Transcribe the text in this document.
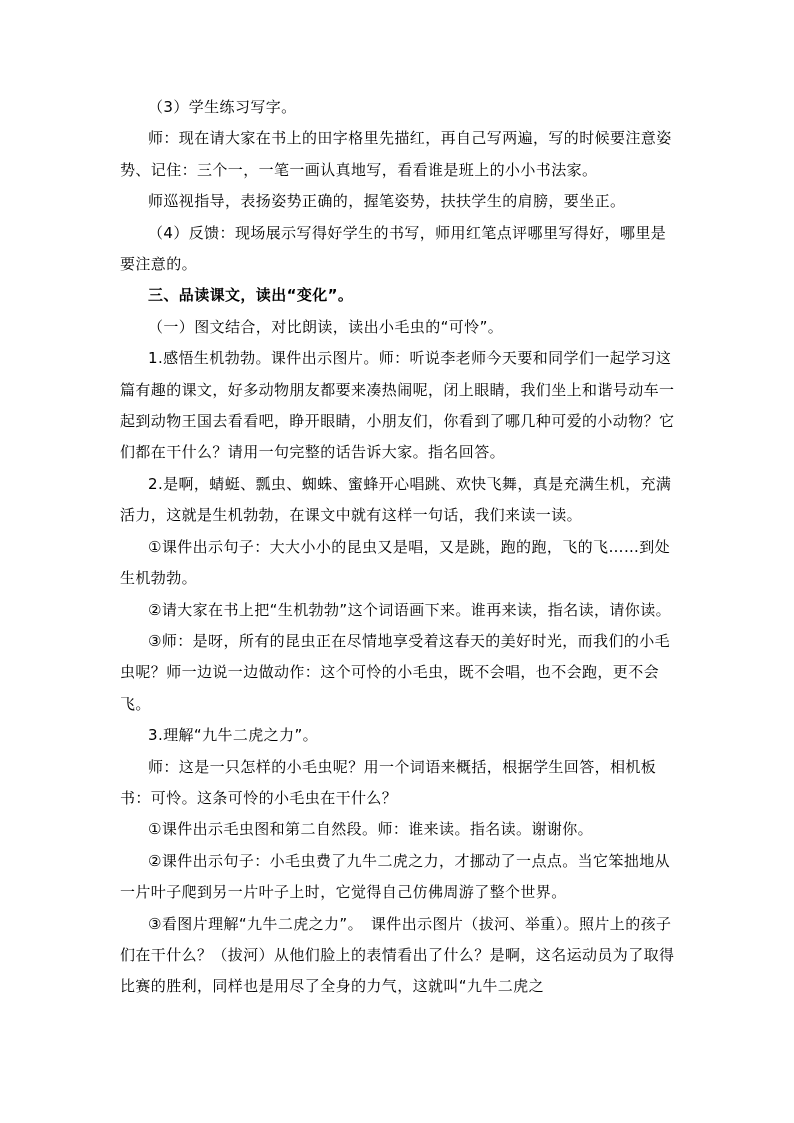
（3）学生练习写字。

师：现在请大家在书上的田字格里先描红，再自己写两遍，写的时候要注意姿势、记住：三个一，一笔一画认真地写，看看谁是班上的小小书法家。

师巡视指导，表扬姿势正确的，握笔姿势，扶扶学生的肩膀，要坐正。

（4）反馈：现场展示写得好学生的书写，师用红笔点评哪里写得好，哪里是要注意的。

三、品读课文，读出“变化”。

（一）图文结合，对比朗读，读出小毛虫的“可怜”。

1.感悟生机勃勃。课件出示图片。师：听说李老师今天要和同学们一起学习这篇有趣的课文，好多动物朋友都要来凑热闹呢，闭上眼睛，我们坐上和谐号动车一起到动物王国去看看吧，睁开眼睛，小朋友们，你看到了哪几种可爱的小动物？它们都在干什么？请用一句完整的话告诉大家。指名回答。

2.是啊，蜻蜓、瓢虫、蜘蛛、蜜蜂开心唱跳、欢快飞舞，真是充满生机，充满活力，这就是生机勃勃，在课文中就有这样一句话，我们来读一读。

①课件出示句子：大大小小的昆虫又是唱，又是跳，跑的跑，飞的飞……到处生机勃勃。

②请大家在书上把“生机勃勃”这个词语画下来。谁再来读，指名读，请你读。

③师：是呀，所有的昆虫正在尽情地享受着这春天的美好时光，而我们的小毛虫呢？师一边说一边做动作：这个可怜的小毛虫，既不会唱，也不会跑，更不会飞。

3.理解“九牛二虎之力”。

师：这是一只怎样的小毛虫呢？用一个词语来概括，根据学生回答，相机板书：可怜。这条可怜的小毛虫在干什么？

①课件出示毛虫图和第二自然段。师：谁来读。指名读。谢谢你。

②课件出示句子：小毛虫费了九牛二虎之力，才挪动了一点点。当它笨拙地从一片叶子爬到另一片叶子上时，它觉得自己仿佛周游了整个世界。

③看图片理解“九牛二虎之力”。　课件出示图片（拔河、举重）。照片上的孩子们在干什么？（拔河）从他们脸上的表情看出了什么？是啊，这名运动员为了取得比赛的胜利，同样也是用尽了全身的力气，这就叫“九牛二虎之
